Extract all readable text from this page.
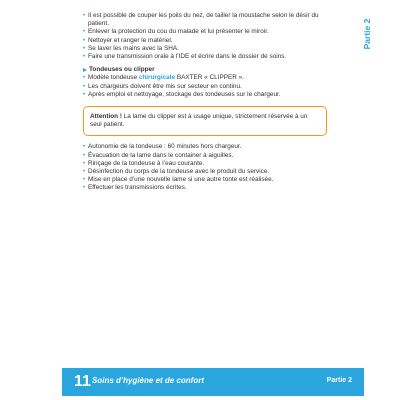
Partie 2
• Il est possible de couper les poils du nez, de tailler la moustache selon le désir du patient.
• Enlever la protection du cou du malade et lui présenter le miroir.
• Nettoyer et ranger le matériel.
• Se laver les mains avec la SHA.
• Faire une transmission orale à l’IDE et écrire dans le dossier de soins.
Tondeuses ou clipper
• Modèle tondeuse chirurgicale BAXTER « CLIPPER ».
• Les chargeurs doivent être mis sur secteur en continu.
• Après emploi et nettoyage, stockage des tondeuses sur le chargeur.
Attention ! La lame du clipper est à usage unique, strictement réservée à un seul patient.
• Autonomie de la tondeuse : 60 minutes hors chargeur.
• Évacuation de la lame dans le container à aiguilles.
• Rinçage de la tondeuse à l’eau courante.
• Désinfection du corps de la tondeuse avec le produit du service.
• Mise en place d’une nouvelle lame si une autre tonte est réalisée.
• Effectuer les transmissions écrites.
11 Soins d’hygiène et de confort	Partie 2
